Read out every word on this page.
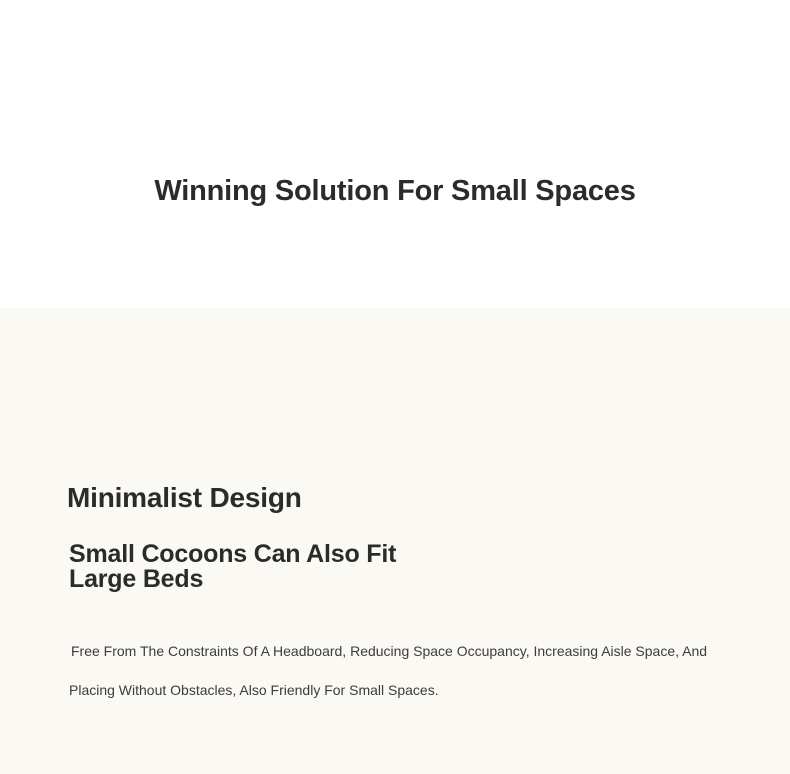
Winning Solution For Small Spaces
Minimalist Design
Small Cocoons Can Also Fit Large Beds

Free From The Constraints Of A Headboard, Reducing Space Occupancy, Increasing Aisle Space, And Placing Without Obstacles, Also Friendly For Small Spaces.
